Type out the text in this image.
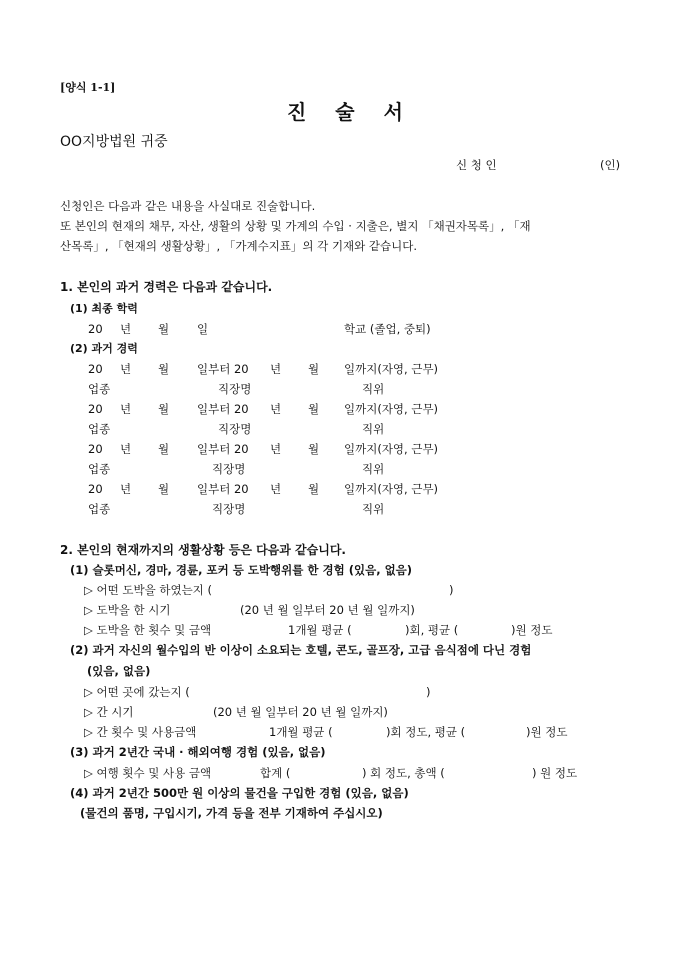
[양식 1-1]
진 술 서
OO지방법원 귀중
신 청 인	(인)
신청인은 다음과 같은 내용을 사실대로 진술합니다.
또 본인의 현재의 채무, 자산, 생활의 상황 및 가계의 수입 · 지출은, 별지 「채권자목록」, 「재
산목록」, 「현재의 생활상황」, 「가계수지표」의 각 기재와 같습니다.
1. 본인의 과거 경력은 다음과 같습니다.
(1) 최종 학력
20 년 월 일	학교 (졸업, 중퇴)
(2) 과거 경력
20 년 월 일부터 20 년 월 일까지(자영, 근무)
업종	직장명	직위
20 년 월 일부터 20 년 월 일까지(자영, 근무)
업종	직장명	직위
20 년 월 일부터 20 년 월 일까지(자영, 근무)
업종	직장명	직위
20 년 월 일부터 20 년 월 일까지(자영, 근무)
업종	직장명	직위
2. 본인의 현재까지의 생활상황 등은 다음과 같습니다.
(1) 슬롯머신, 경마, 경륜, 포커 등 도박행위를 한 경험 (있음, 없음)
▷ 어떤 도박을 하였는지 (	)
▷ 도박을 한 시기	(20 년 월 일부터 20 년 월 일까지)
▷ 도박을 한 횟수 및 금액	1개월 평균 (	)회, 평균 (	)원 정도
(2) 과거 자신의 월수입의 반 이상이 소요되는 호텔, 콘도, 골프장, 고급 음식점에 다닌 경험
(있음, 없음)
▷ 어떤 곳에 갔는지 (	)
▷ 간 시기	(20 년 월 일부터 20 년 월 일까지)
▷ 간 횟수 및 사용금액	1개월 평균 (	)회 정도, 평균 (	)원 정도
(3) 과거 2년간 국내 · 해외여행 경험 (있음, 없음)
▷ 여행 횟수 및 사용 금액	합계 (	) 회 정도, 총액 (	) 원 정도
(4) 과거 2년간 500만 원 이상의 물건을 구입한 경험 (있음, 없음)
(물건의 품명, 구입시기, 가격 등을 전부 기재하여 주십시오)
